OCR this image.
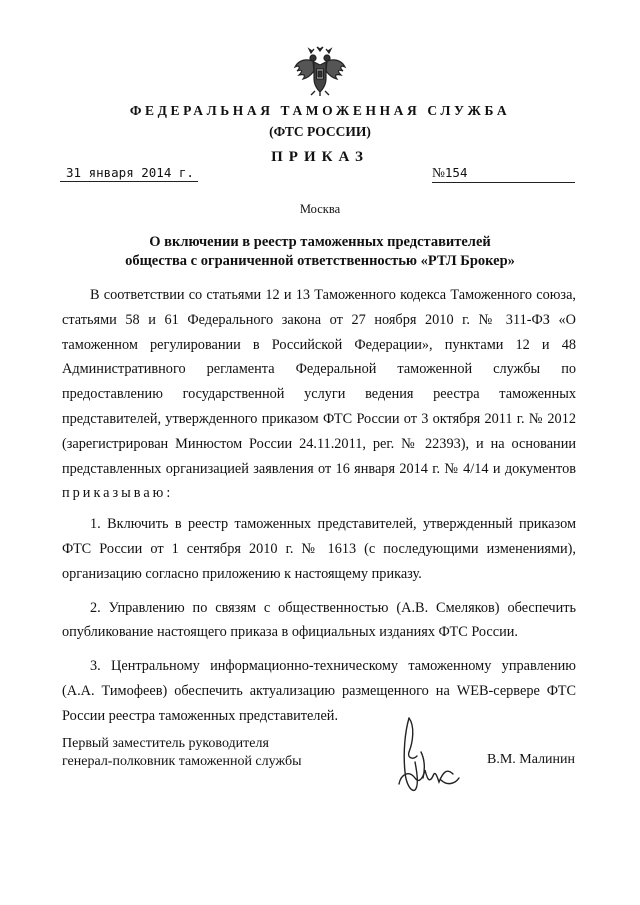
ФЕДЕРАЛЬНАЯ ТАМОЖЕННАЯ СЛУЖБА
(ФТС РОССИИ)
ПРИКАЗ
31 января 2014 г.	№154
Москва
О включении в реестр таможенных представителей
общества с ограниченной ответственностью «РТЛ Брокер»

В соответствии со статьями 12 и 13 Таможенного кодекса Таможенного союза, статьями 58 и 61 Федерального закона от 27 ноября 2010 г. № 311-ФЗ «О таможенном регулировании в Российской Федерации», пунктами 12 и 48 Административного регламента Федеральной таможенной службы по предоставлению государственной услуги ведения реестра таможенных представителей, утвержденного приказом ФТС России от 3 октября 2011 г. № 2012 (зарегистрирован Минюстом России 24.11.2011, рег. № 22393), и на основании представленных организацией заявления от 16 января 2014 г. № 4/14 и документов приказываю:

1. Включить в реестр таможенных представителей, утвержденный приказом ФТС России от 1 сентября 2010 г. № 1613 (с последующими изменениями), организацию согласно приложению к настоящему приказу.

2. Управлению по связям с общественностью (А.В. Смеляков) обеспечить опубликование настоящего приказа в официальных изданиях ФТС России.

3. Центральному информационно-техническому таможенному управлению (А.А. Тимофеев) обеспечить актуализацию размещенного на WEB-сервере ФТС России реестра таможенных представителей.

Первый заместитель руководителя
генерал-полковник таможенной службы	В.М. Малинин
